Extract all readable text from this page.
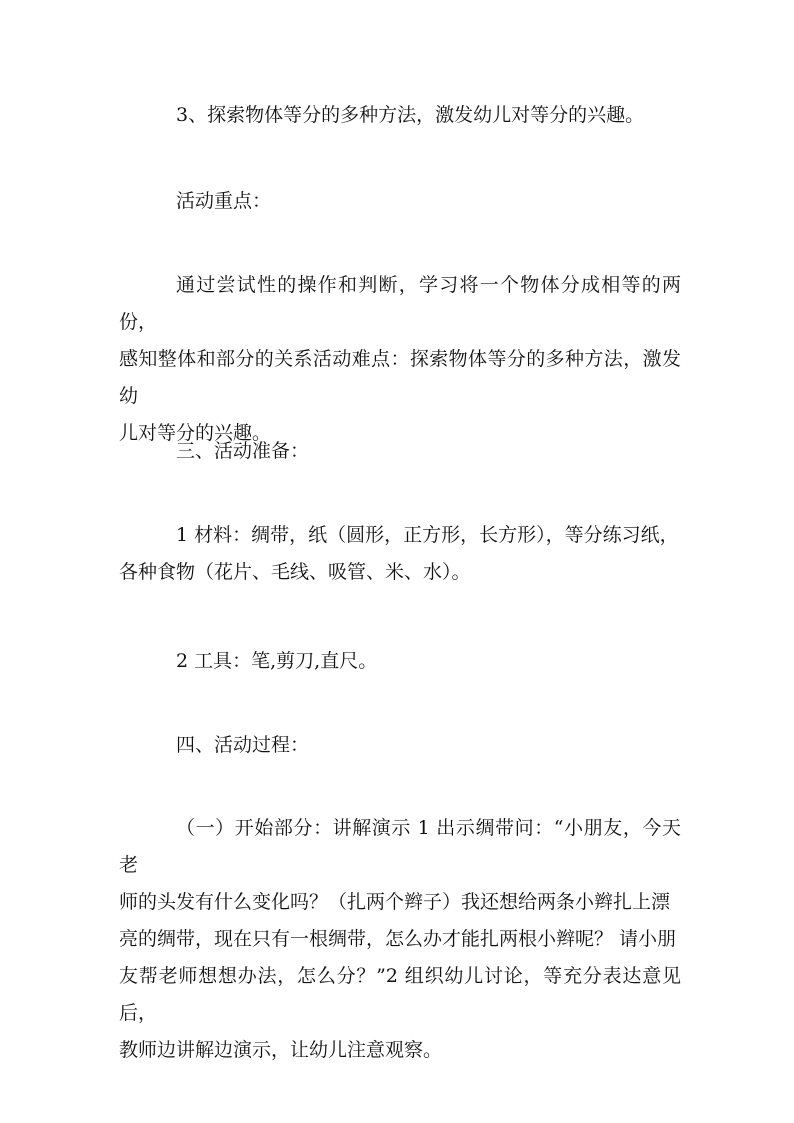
3、探索物体等分的多种方法，激发幼儿对等分的兴趣。

活动重点：

通过尝试性的操作和判断，学习将一个物体分成相等的两份，
感知整体和部分的关系活动难点：探索物体等分的多种方法，激发幼
儿对等分的兴趣。

三、活动准备：

1 材料：绸带，纸（圆形，正方形，长方形），等分练习纸，
各种食物（花片、毛线、吸管、米、水）。

2 工具：笔,剪刀,直尺。

四、活动过程：

（一）开始部分：讲解演示 1 出示绸带问：“小朋友，今天老
师的头发有什么变化吗？（扎两个辫子）我还想给两条小辫扎上漂
亮的绸带，现在只有一根绸带，怎么办才能扎两根小辫呢？ 请小朋
友帮老师想想办法，怎么分？”2 组织幼儿讨论，等充分表达意见后，
教师边讲解边演示，让幼儿注意观察。
